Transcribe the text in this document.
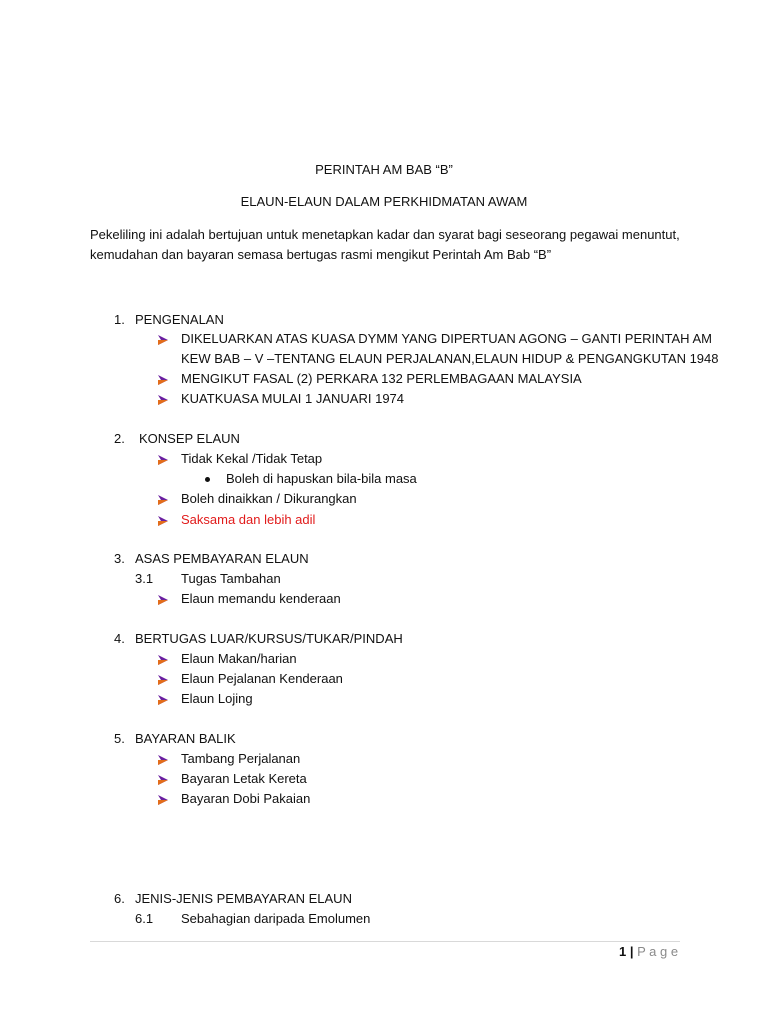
PERINTAH AM BAB “B”
ELAUN-ELAUN DALAM PERKHIDMATAN AWAM
Pekeliling ini adalah bertujuan untuk menetapkan kadar dan syarat bagi seseorang pegawai menuntut,
kemudahan dan bayaran semasa bertugas rasmi mengikut Perintah Am Bab “B”
1. PENGENALAN
DIKELUARKAN ATAS KUASA DYMM YANG DIPERTUAN AGONG – GANTI PERINTAH AM
KEW BAB – V –TENTANG ELAUN PERJALANAN,ELAUN HIDUP & PENGANGKUTAN 1948
MENGIKUT FASAL (2) PERKARA 132 PERLEMBAGAAN MALAYSIA
KUATKUASA MULAI 1 JANUARI 1974
2. KONSEP ELAUN
Tidak Kekal /Tidak Tetap
Boleh di hapuskan bila-bila masa
Boleh dinaikkan / Dikurangkan
Saksama dan lebih adil
3. ASAS PEMBAYARAN ELAUN
3.1 Tugas Tambahan
Elaun memandu kenderaan
4. BERTUGAS LUAR/KURSUS/TUKAR/PINDAH
Elaun Makan/harian
Elaun Pejalanan Kenderaan
Elaun Lojing
5. BAYARAN BALIK
Tambang Perjalanan
Bayaran Letak Kereta
Bayaran Dobi Pakaian
6. JENIS-JENIS PEMBAYARAN ELAUN
6.1 Sebahagian daripada Emolumen
1 | P a g e
